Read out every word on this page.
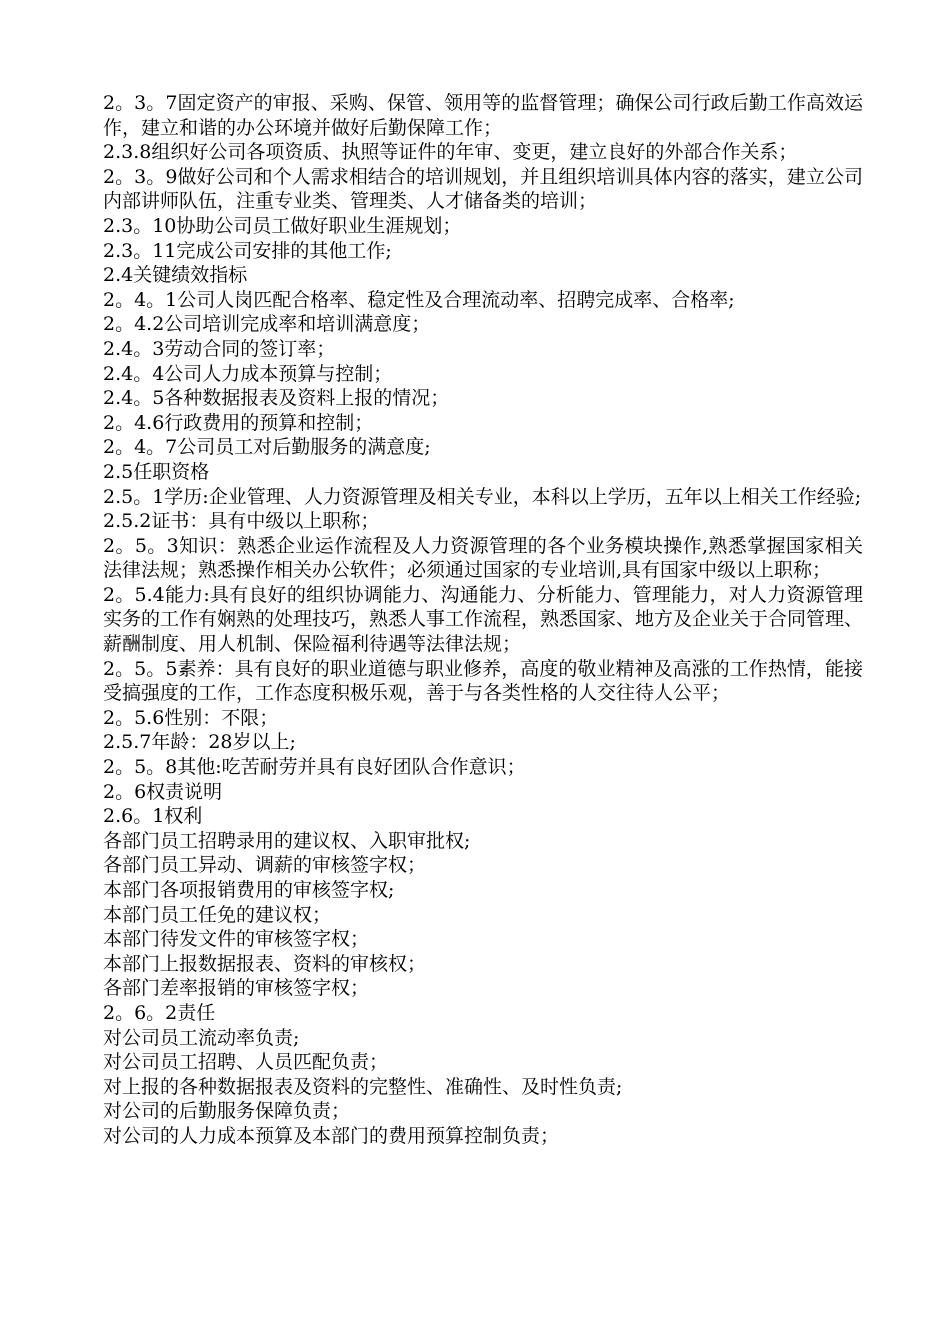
2。3。7固定资产的审报、采购、保管、领用等的监督管理；确保公司行政后勤工作高效运作，建立和谐的办公环境并做好后勤保障工作；

2.3.8组织好公司各项资质、执照等证件的年审、变更，建立良好的外部合作关系；

2。3。9做好公司和个人需求相结合的培训规划，并且组织培训具体内容的落实，建立公司内部讲师队伍，注重专业类、管理类、人才储备类的培训；

2.3。10协助公司员工做好职业生涯规划；

2.3。11完成公司安排的其他工作;

2.4关键绩效指标

2。4。1公司人岗匹配合格率、稳定性及合理流动率、招聘完成率、合格率;

2。4.2公司培训完成率和培训满意度；

2.4。3劳动合同的签订率；

2.4。4公司人力成本预算与控制；

2.4。5各种数据报表及资料上报的情况；

2。4.6行政费用的预算和控制；

2。4。7公司员工对后勤服务的满意度;

2.5任职资格

2.5。1学历:企业管理、人力资源管理及相关专业，本科以上学历，五年以上相关工作经验;

2.5.2证书：具有中级以上职称；

2。5。3知识：熟悉企业运作流程及人力资源管理的各个业务模块操作,熟悉掌握国家相关法律法规；熟悉操作相关办公软件；必须通过国家的专业培训,具有国家中级以上职称；

2。5.4能力:具有良好的组织协调能力、沟通能力、分析能力、管理能力，对人力资源管理实务的工作有娴熟的处理技巧，熟悉人事工作流程，熟悉国家、地方及企业关于合同管理、薪酬制度、用人机制、保险福利待遇等法律法规；

2。5。5素养：具有良好的职业道德与职业修养，高度的敬业精神及高涨的工作热情，能接受搞强度的工作，工作态度积极乐观，善于与各类性格的人交往待人公平；

2。5.6性别：不限；

2.5.7年龄：28岁以上;

2。5。8其他:吃苦耐劳并具有良好团队合作意识；

2。6权责说明

2.6。1权利

各部门员工招聘录用的建议权、入职审批权;

各部门员工异动、调薪的审核签字权；

本部门各项报销费用的审核签字权;

本部门员工任免的建议权；

本部门待发文件的审核签字权；

本部门上报数据报表、资料的审核权；

各部门差率报销的审核签字权；

2。6。2责任

对公司员工流动率负责;

对公司员工招聘、人员匹配负责；

对上报的各种数据报表及资料的完整性、准确性、及时性负责;

对公司的后勤服务保障负责；

对公司的人力成本预算及本部门的费用预算控制负责；
